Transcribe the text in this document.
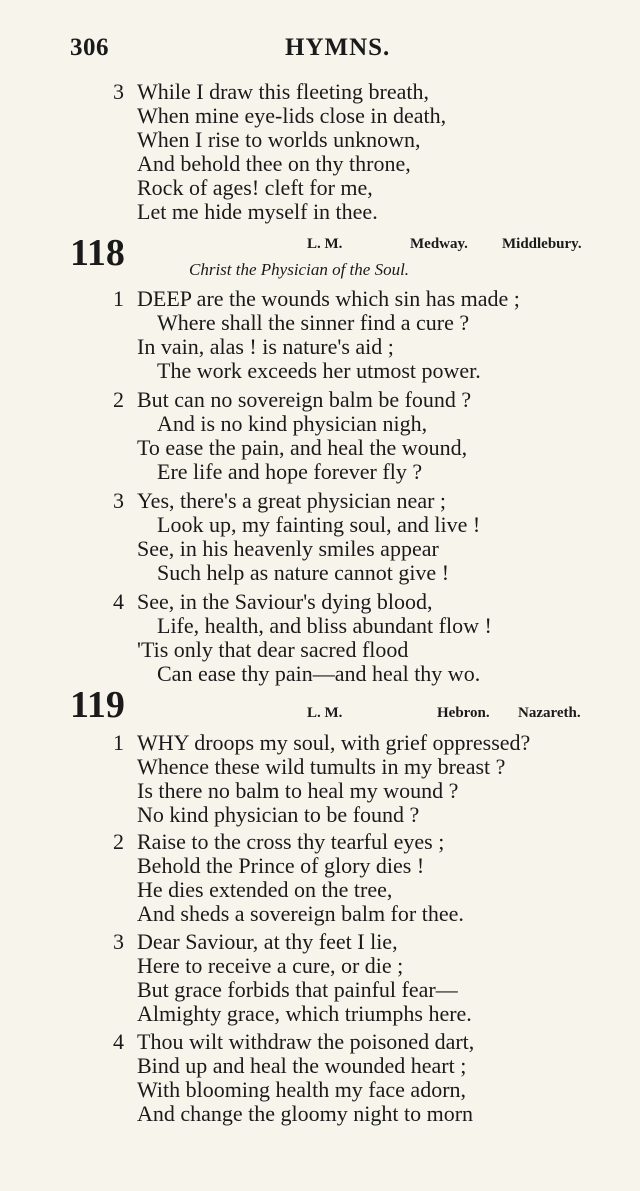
306	HYMNS.
3 While I draw this fleeting breath,
When mine eye-lids close in death,
When I rise to worlds unknown,
And behold thee on thy throne,
Rock of ages! cleft for me,
Let me hide myself in thee.
118	L. M.	Medway. Middlebury.
Christ the Physician of the Soul.
1 DEEP are the wounds which sin has made ;
Where shall the sinner find a cure ?
In vain, alas ! is nature's aid ;
The work exceeds her utmost power.
2 But can no sovereign balm be found ?
And is no kind physician nigh,
To ease the pain, and heal the wound,
Ere life and hope forever fly ?
3 Yes, there's a great physician near ;
Look up, my fainting soul, and live !
See, in his heavenly smiles appear
Such help as nature cannot give !
4 See, in the Saviour's dying blood,
Life, health, and bliss abundant flow !
'Tis only that dear sacred flood
Can ease thy pain—and heal thy wo.
119	L. M.	Hebron. Nazareth.
1 WHY droops my soul, with grief oppressed?
Whence these wild tumults in my breast ?
Is there no balm to heal my wound ?
No kind physician to be found ?
2 Raise to the cross thy tearful eyes ;
Behold the Prince of glory dies !
He dies extended on the tree,
And sheds a sovereign balm for thee.
3 Dear Saviour, at thy feet I lie,
Here to receive a cure, or die ;
But grace forbids that painful fear—
Almighty grace, which triumphs here.
4 Thou wilt withdraw the poisoned dart,
Bind up and heal the wounded heart ;
With blooming health my face adorn,
And change the gloomy night to morn
